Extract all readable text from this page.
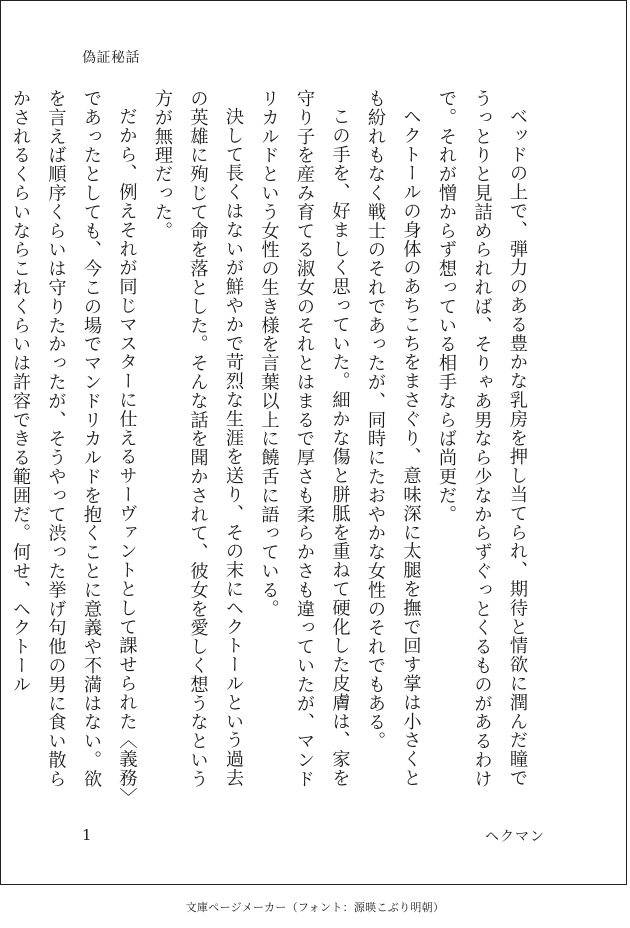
偽証秘話

ベッドの上で、弾力のある豊かな乳房を押し当てられ、期待と情欲に潤んだ瞳でうっとりと見詰められれば、そりゃあ男なら少なからずぐっとくるものがあるわけで。それが憎からず想っている相手ならば尚更だ。

ヘクトールの身体のあちこちをまさぐり、意味深に太腿を撫で回す掌は小さくとも紛れもなく戦士のそれであったが、同時にたおやかな女性のそれでもある。

この手を、好ましく思っていた。細かな傷と胼胝を重ねて硬化した皮膚は、家を守り子を産み育てる淑女のそれとはまるで厚さも柔らかさも違っていたが、マンドリカルドという女性の生き様を言葉以上に饒舌に語っている。

決して長くはないが鮮やかで苛烈な生涯を送り、その末にヘクトールという過去の英雄に殉じて命を落とした。そんな話を聞かされて、彼女を愛しく想うなという方が無理だった。

だから、例えそれが同じマスターに仕えるサーヴァントとして課せられた〈義務〉であったとしても、今この場でマンドリカルドを抱くことに意義や不満はない。欲を言えば順序くらいは守りたかったが、そうやって渋った挙げ句他の男に食い散らかされるくらいならこれくらいは許容できる範囲だ。何せ、ヘクトール

1	ヘクマン
文庫ページメーカー（フォント：源暎こぶり明朝）
